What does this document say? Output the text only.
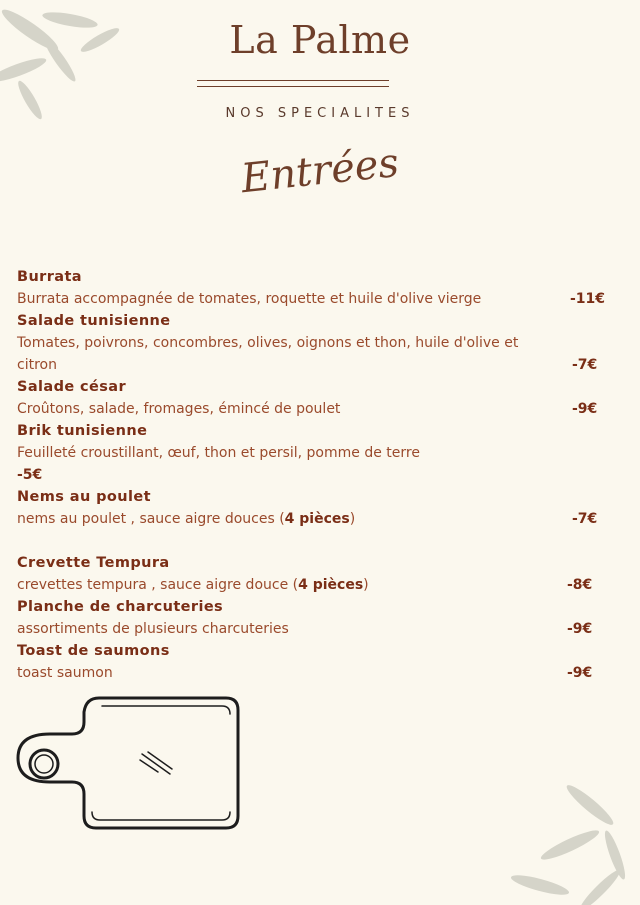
La Palme
NOS SPECIALITES
Entrées
Burrata
Burrata accompagnée de tomates, roquette et huile d'olive vierge	-11€
Salade tunisienne
Tomates, poivrons, concombres, olives, oignons et thon, huile d'olive et
citron	-7€
Salade césar
Croûtons, salade, fromages, émincé de poulet	-9€
Brik tunisienne
Feuilleté croustillant, œuf, thon et persil, pomme de terre
-5€
Nems au poulet
nems au poulet , sauce aigre douces (4 pièces)	-7€
Crevette Tempura
crevettes tempura , sauce aigre douce (4 pièces)	-8€
Planche de charcuteries
assortiments de plusieurs charcuteries	-9€
Toast de saumons
toast saumon	-9€
